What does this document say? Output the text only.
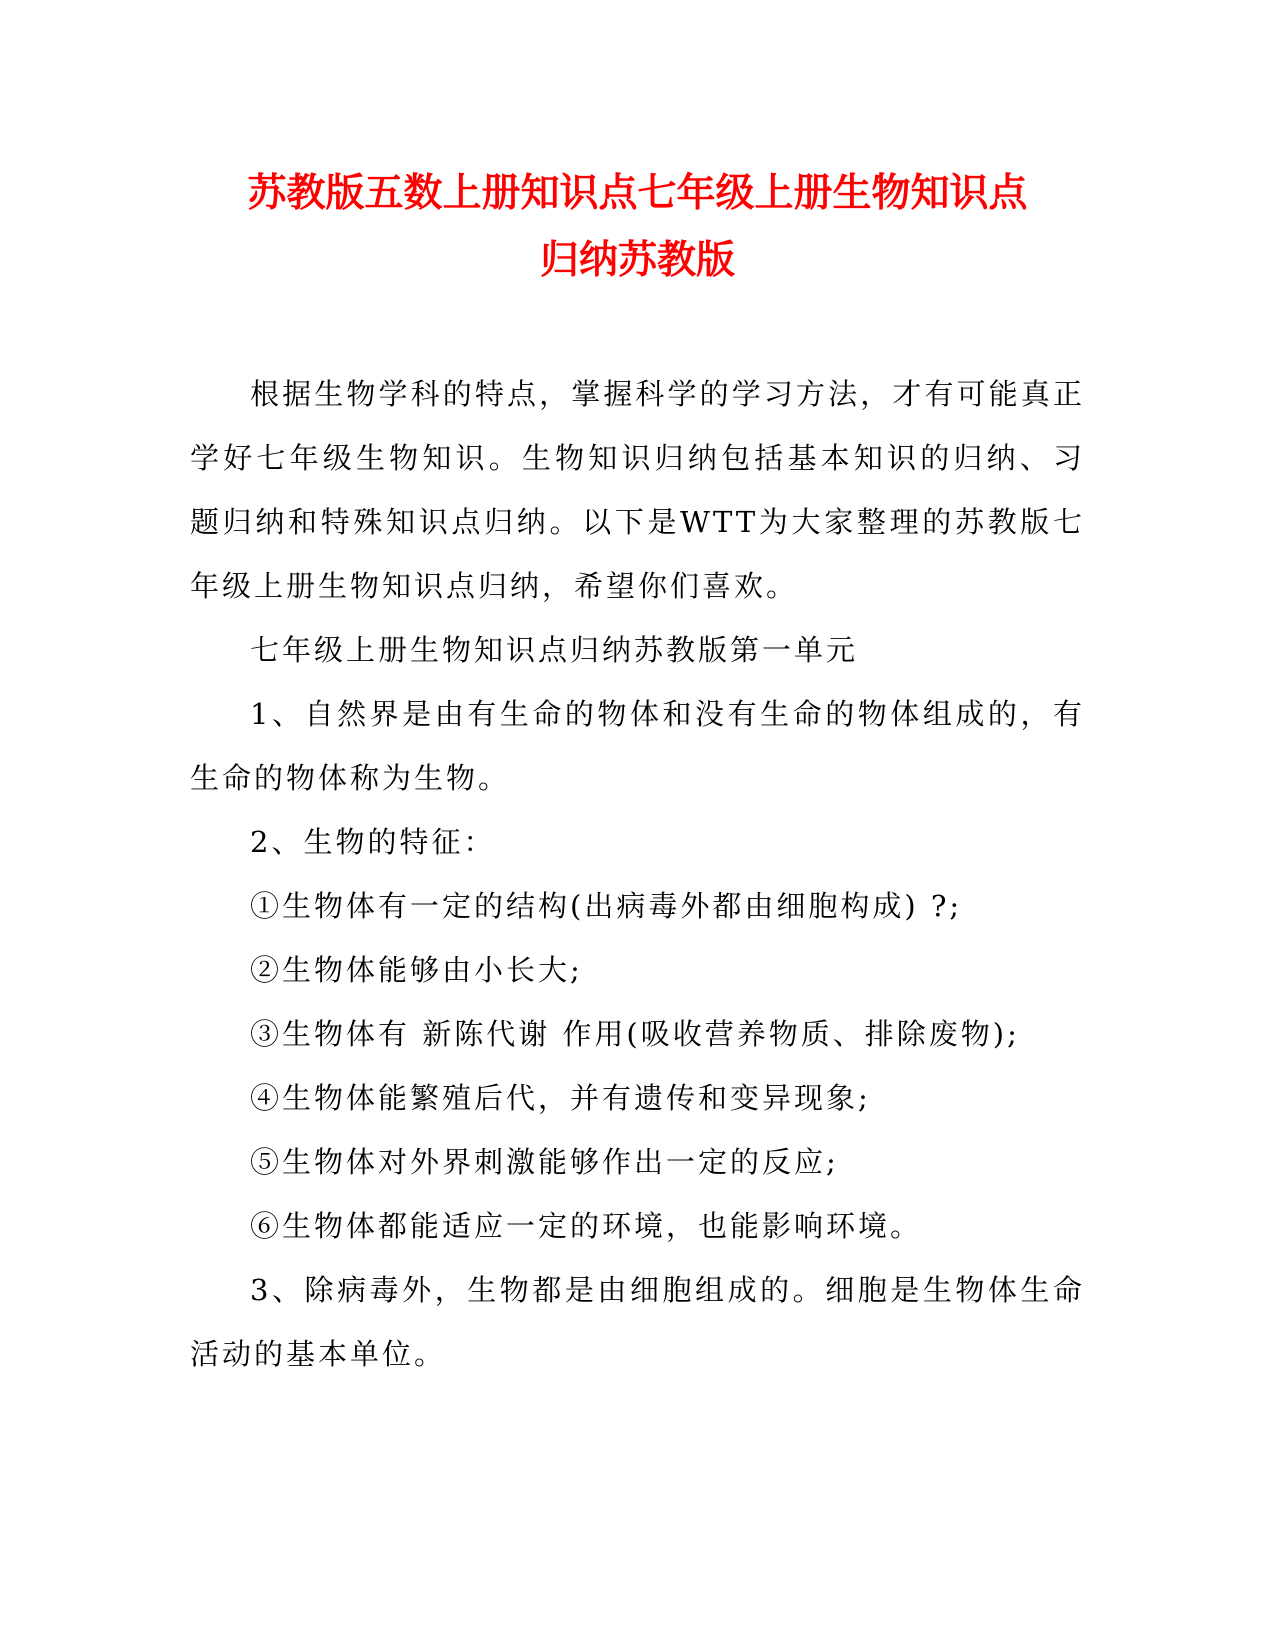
苏教版五数上册知识点七年级上册生物知识点
归纳苏教版

根据生物学科的特点，掌握科学的学习方法，才有可能真正学好七年级生物知识。生物知识归纳包括基本知识的归纳、习题归纳和特殊知识点归纳。以下是WTT为大家整理的苏教版七年级上册生物知识点归纳，希望你们喜欢。

七年级上册生物知识点归纳苏教版第一单元

1、自然界是由有生命的物体和没有生命的物体组成的，有生命的物体称为生物。

2、生物的特征：

①生物体有一定的结构(出病毒外都由细胞构成) ?;

②生物体能够由小长大;

③生物体有 新陈代谢 作用(吸收营养物质、排除废物);

④生物体能繁殖后代，并有遗传和变异现象;

⑤生物体对外界刺激能够作出一定的反应;

⑥生物体都能适应一定的环境，也能影响环境。

3、除病毒外，生物都是由细胞组成的。细胞是生物体生命活动的基本单位。
